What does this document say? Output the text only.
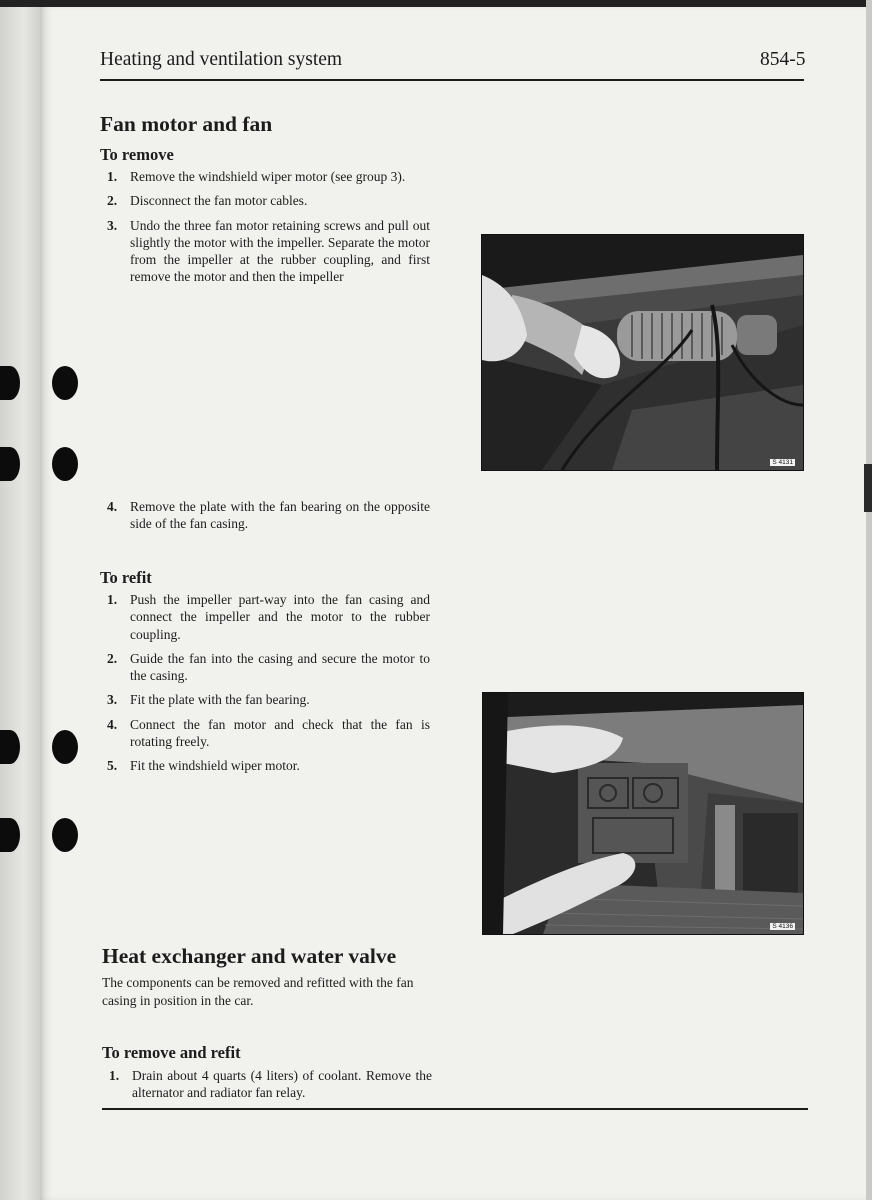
Heating and ventilation system	854-5
Fan motor and fan
To remove
1. Remove the windshield wiper motor (see group 3).
2. Disconnect the fan motor cables.
3. Undo the three fan motor retaining screws and pull out slightly the motor with the impeller. Separate the motor from the impeller at the rubber coupling, and first remove the motor and then the impeller
4. Remove the plate with the fan bearing on the opposite side of the fan casing.
To refit
1. Push the impeller part-way into the fan casing and connect the impeller and the motor to the rubber coupling.
2. Guide the fan into the casing and secure the motor to the casing.
3. Fit the plate with the fan bearing.
4. Connect the fan motor and check that the fan is rotating freely.
5. Fit the windshield wiper motor.
Heat exchanger and water valve
The components can be removed and refitted with the fan casing in position in the car.
To remove and refit
1. Drain about 4 quarts (4 liters) of coolant. Remove the alternator and radiator fan relay.
S 4131
S 4136
